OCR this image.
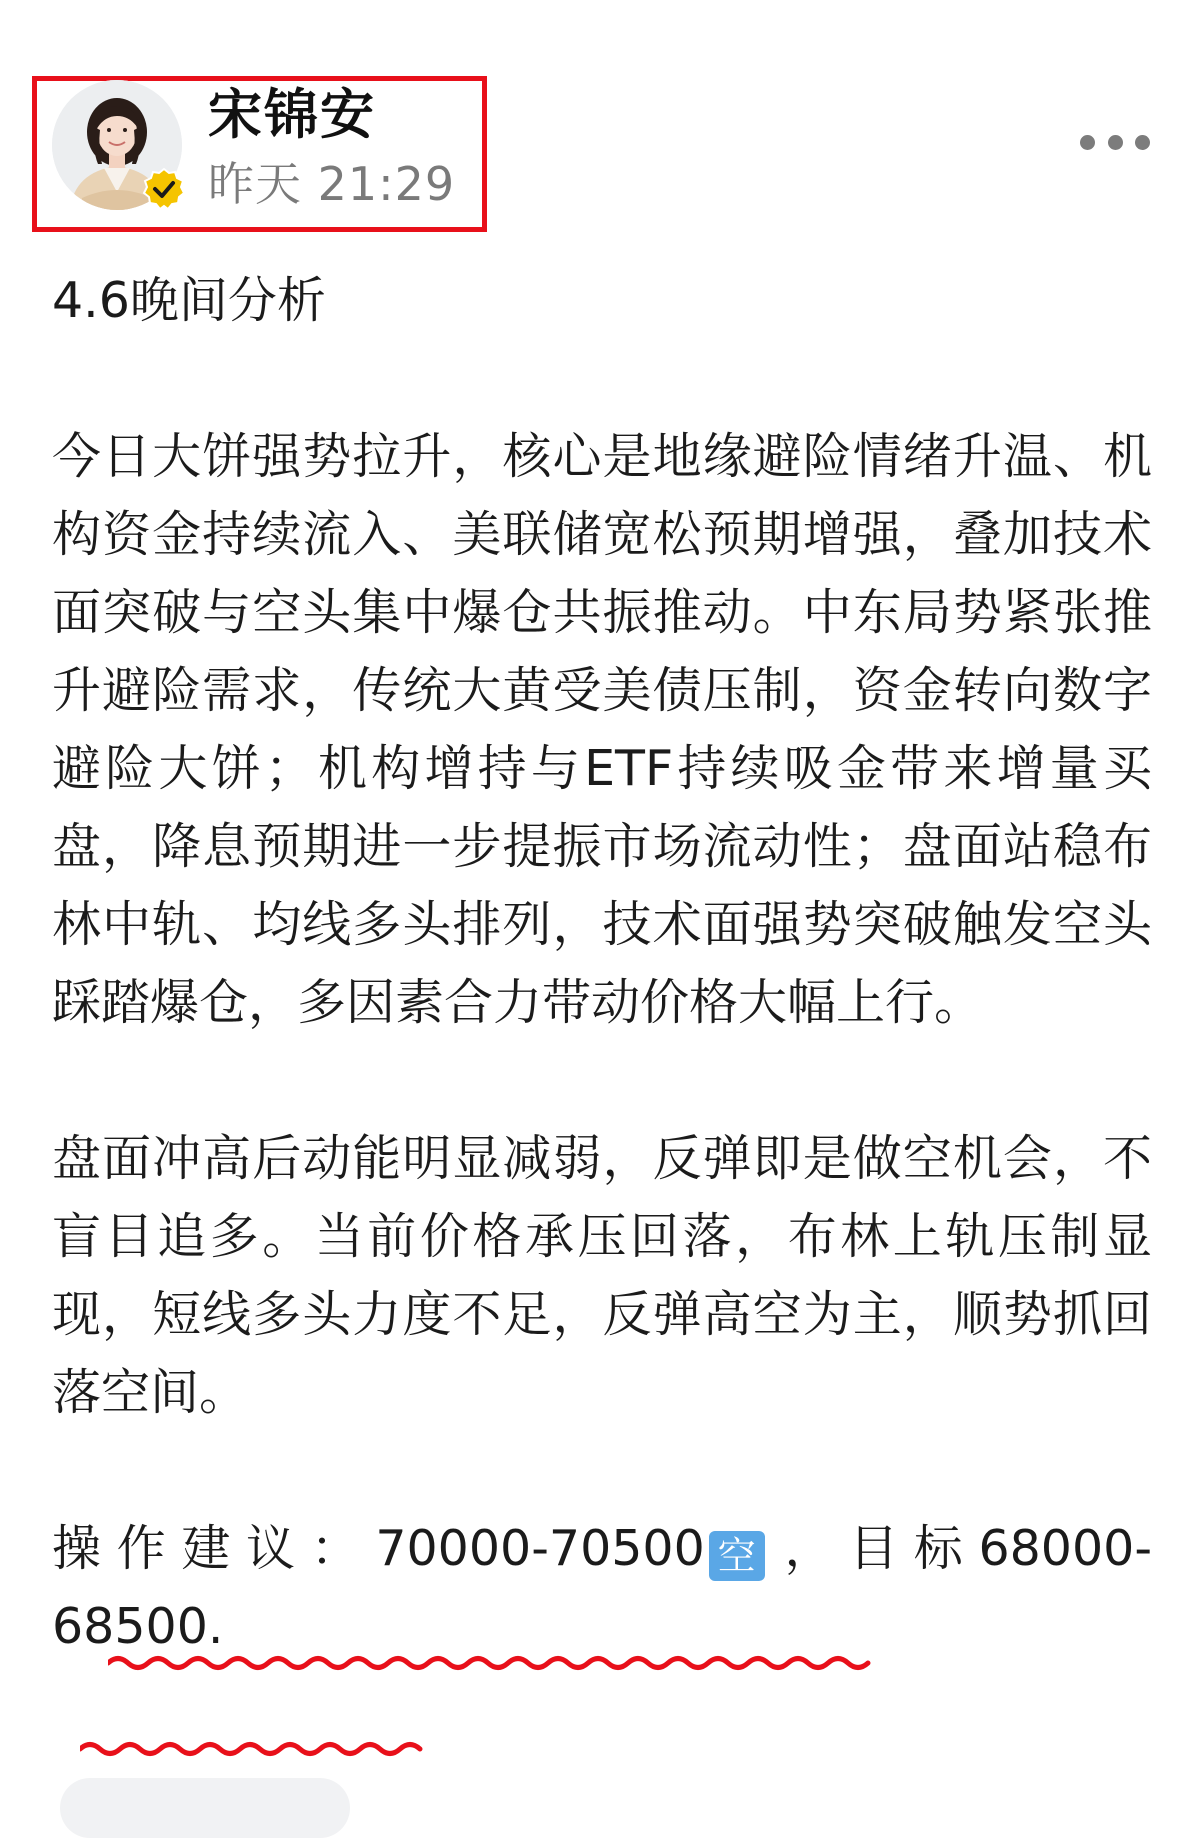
宋锦安
昨天 21:29

4.6晚间分析

今日大饼强势拉升，核心是地缘避险情绪升温、机构资金持续流入、美联储宽松预期增强，叠加技术面突破与空头集中爆仓共振推动。中东局势紧张推升避险需求，传统大黄受美债压制，资金转向数字避险大饼；机构增持与ETF持续吸金带来增量买盘，降息预期进一步提振市场流动性；盘面站稳布林中轨、均线多头排列，技术面强势突破触发空头踩踏爆仓，多因素合力带动价格大幅上行。

盘面冲高后动能明显减弱，反弹即是做空机会，不盲目追多。当前价格承压回落，布林上轨压制显现，短线多头力度不足，反弹高空为主，顺势抓回落空间。

操作建议：70000-70500 空 ，目标68000-68500.
